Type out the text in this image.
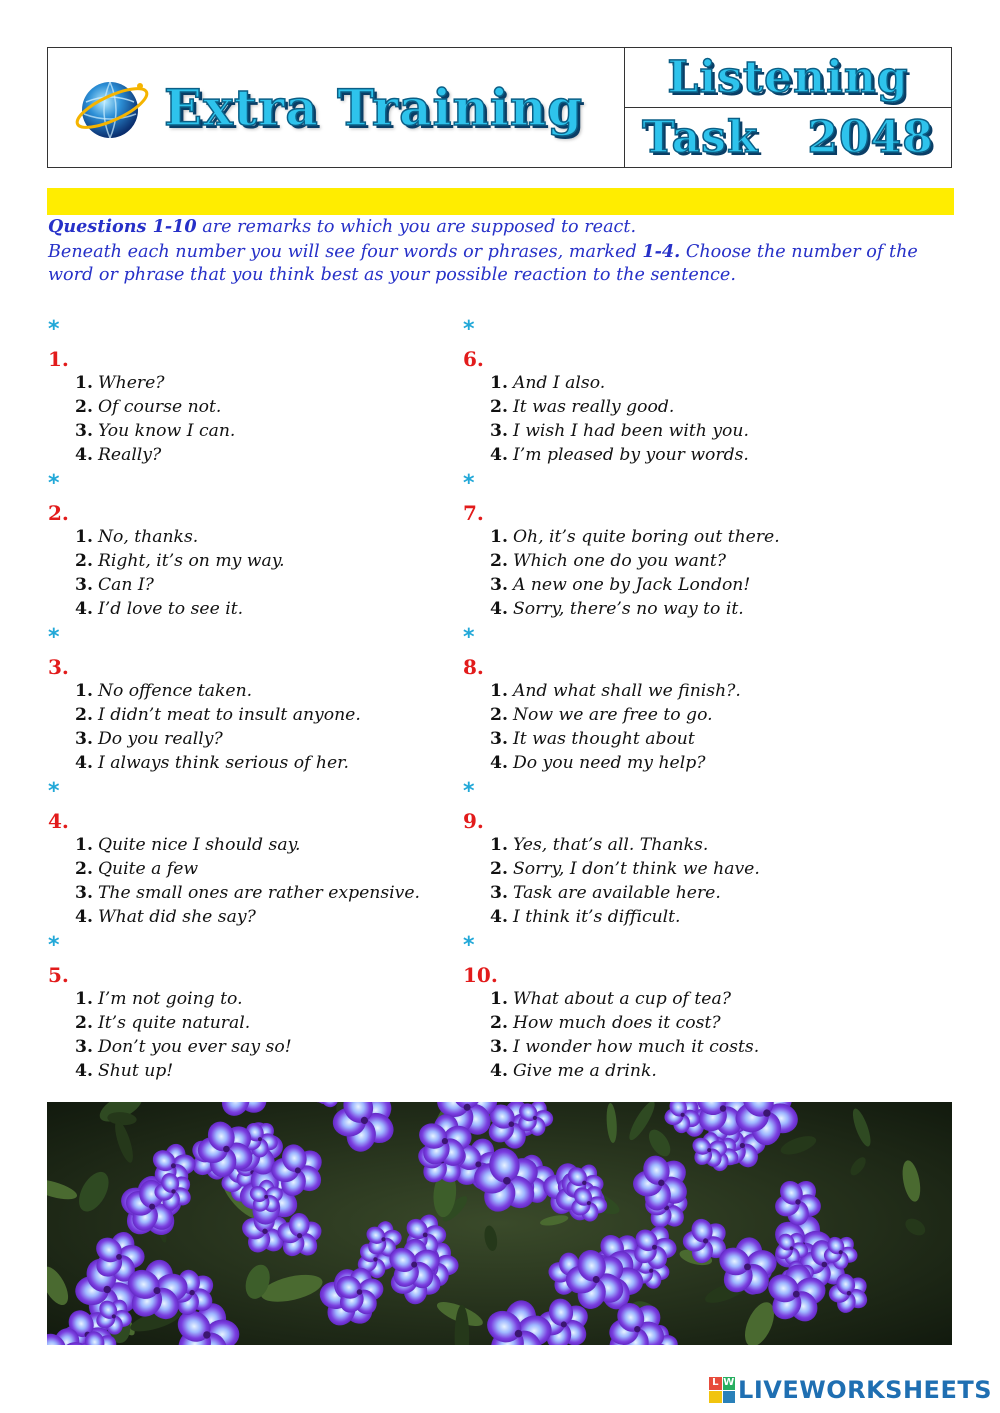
Extra Training
Listening
Task   2048
Questions 1-10 are remarks to which you are supposed to react.
Beneath each number you will see four words or phrases, marked 1-4. Choose the number of the word or phrase that you think best as your possible reaction to the sentence.
*
1.
1. Where?
2. Of course not.
3. You know I can.
4. Really?
*
2.
1. No, thanks.
2. Right, it’s on my way.
3. Can I?
4. I’d love to see it.
*
3.
1. No offence taken.
2. I didn’t meat to insult anyone.
3. Do you really?
4. I always think serious of her.
*
4.
1. Quite nice I should say.
2. Quite a few
3. The small ones are rather expensive.
4. What did she say?
*
5.
1. I’m not going to.
2. It’s quite natural.
3. Don’t you ever say so!
4. Shut up!
*
6.
1. And I also.
2. It was really good.
3. I wish I had been with you.
4. I’m pleased by your words.
*
7.
1. Oh, it’s quite boring out there.
2. Which one do you want?
3. A new one by Jack London!
4. Sorry, there’s no way to it.
*
8.
1. And what shall we finish?.
2. Now we are free to go.
3. It was thought about
4. Do you need my help?
*
9.
1. Yes, that’s all. Thanks.
2. Sorry, I don’t think we have.
3. Task are available here.
4. I think it’s difficult.
*
10.
1. What about a cup of tea?
2. How much does it cost?
3. I wonder how much it costs.
4. Give me a drink.
L W LIVEWORKSHEETS
